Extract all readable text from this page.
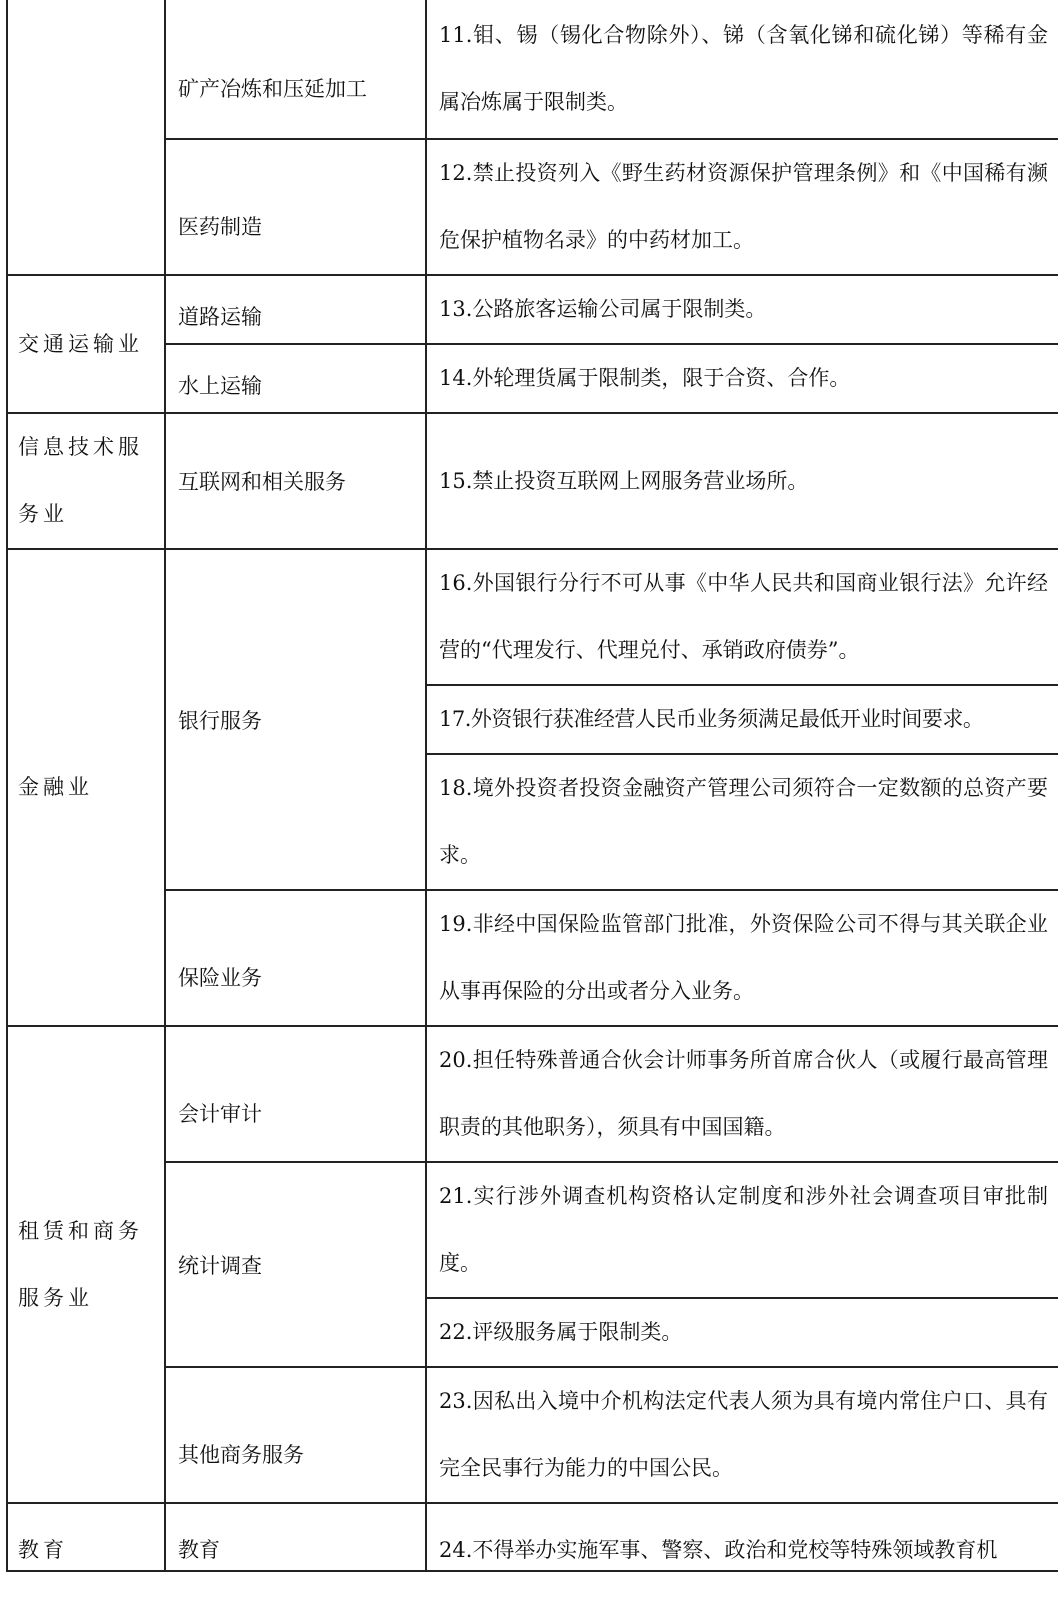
	矿产冶炼和压延加工	11.钼、锡（锡化合物除外）、锑（含氧化锑和硫化锑）等稀有金属冶炼属于限制类。

	医药制造	12.禁止投资列入《野生药材资源保护管理条例》和《中国稀有濒危保护植物名录》的中药材加工。

交通运输业	道路运输	13.公路旅客运输公司属于限制类。

	水上运输	14.外轮理货属于限制类，限于合资、合作。

信息技术服务业	互联网和相关服务	15.禁止投资互联网上网服务营业场所。

金融业	银行服务	16.外国银行分行不可从事《中华人民共和国商业银行法》允许经营的“代理发行、代理兑付、承销政府债券”。

		17.外资银行获准经营人民币业务须满足最低开业时间要求。

		18.境外投资者投资金融资产管理公司须符合一定数额的总资产要求。

	保险业务	19.非经中国保险监管部门批准，外资保险公司不得与其关联企业从事再保险的分出或者分入业务。

租赁和商务服务业	会计审计	20.担任特殊普通合伙会计师事务所首席合伙人（或履行最高管理职责的其他职务），须具有中国国籍。

	统计调查	21.实行涉外调查机构资格认定制度和涉外社会调查项目审批制度。

		22.评级服务属于限制类。

	其他商务服务	23.因私出入境中介机构法定代表人须为具有境内常住户口、具有完全民事行为能力的中国公民。

教育	教育	24.不得举办实施军事、警察、政治和党校等特殊领域教育机
